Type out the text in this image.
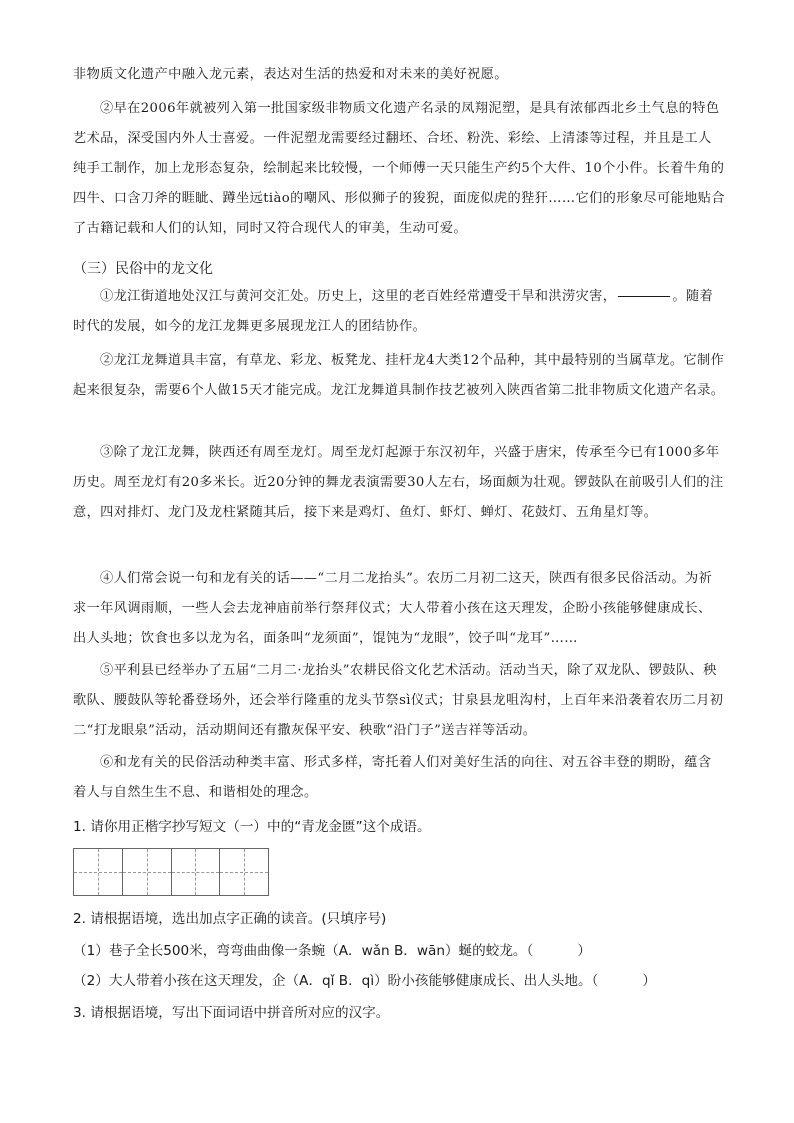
非物质文化遗产中融入龙元素，表达对生活的热爱和对未来的美好祝愿。

②早在2006年就被列入第一批国家级非物质文化遗产名录的凤翔泥塑，是具有浓郁西北乡土气息的特色艺术品，深受国内外人士喜爱。一件泥塑龙需要经过翻坯、合坯、粉洗、彩绘、上清漆等过程，并且是工人纯手工制作，加上龙形态复杂，绘制起来比较慢，一个师傅一天只能生产约5个大件、10个小件。长着牛角的四牛、口含刀斧的睚眦、蹲坐远tiào的嘲风、形似狮子的狻猊，面庞似虎的狴犴……它们的形象尽可能地贴合了古籍记载和人们的认知，同时又符合现代人的审美，生动可爱。

（三）民俗中的龙文化

①龙江街道地处汉江与黄河交汇处。历史上，这里的老百姓经常遭受干旱和洪涝灾害，	。随着时代的发展，如今的龙江龙舞更多展现龙江人的团结协作。

②龙江龙舞道具丰富，有草龙、彩龙、板凳龙、挂杆龙4大类12个品种，其中最特别的当属草龙。它制作起来很复杂，需要6个人做15天才能完成。龙江龙舞道具制作技艺被列入陕西省第二批非物质文化遗产名录。

③除了龙江龙舞，陕西还有周至龙灯。周至龙灯起源于东汉初年，兴盛于唐宋，传承至今已有1000多年历史。周至龙灯有20多米长。近20分钟的舞龙表演需要30人左右，场面颇为壮观。锣鼓队在前吸引人们的注意，四对排灯、龙门及龙柱紧随其后，接下来是鸡灯、鱼灯、虾灯、蝉灯、花鼓灯、五角星灯等。

④人们常会说一句和龙有关的话——“二月二龙抬头”。农历二月初二这天，陕西有很多民俗活动。为祈求一年风调雨顺，一些人会去龙神庙前举行祭拜仪式；大人带着小孩在这天理发，企盼小孩能够健康成长、出人头地；饮食也多以龙为名，面条叫“龙须面”，馄饨为“龙眼”，饺子叫“龙耳”……

⑤平利县已经举办了五届“二月二·龙抬头”农耕民俗文化艺术活动。活动当天，除了双龙队、锣鼓队、秧歌队、腰鼓队等轮番登场外，还会举行隆重的龙头节祭sì仪式；甘泉县龙咀沟村，上百年来沿袭着农历二月初二“打龙眼泉”活动，活动期间还有撒灰保平安、秧歌“沿门子”送吉祥等活动。

⑥和龙有关的民俗活动种类丰富、形式多样，寄托着人们对美好生活的向往、对五谷丰登的期盼，蕴含着人与自然生生不息、和谐相处的理念。

1. 请你用正楷字抄写短文（一）中的“青龙金匮”这个成语。

2. 请根据语境，选出加点字正确的读音。(只填序号)

（1）巷子全长500米，弯弯曲曲像一条蜿（A．wǎn B．wān）蜒的蛟龙。（	）

（2）大人带着小孩在这天理发，企（A．qǐ B．qì）盼小孩能够健康成长、出人头地。（	）

3. 请根据语境，写出下面词语中拼音所对应的汉字。
